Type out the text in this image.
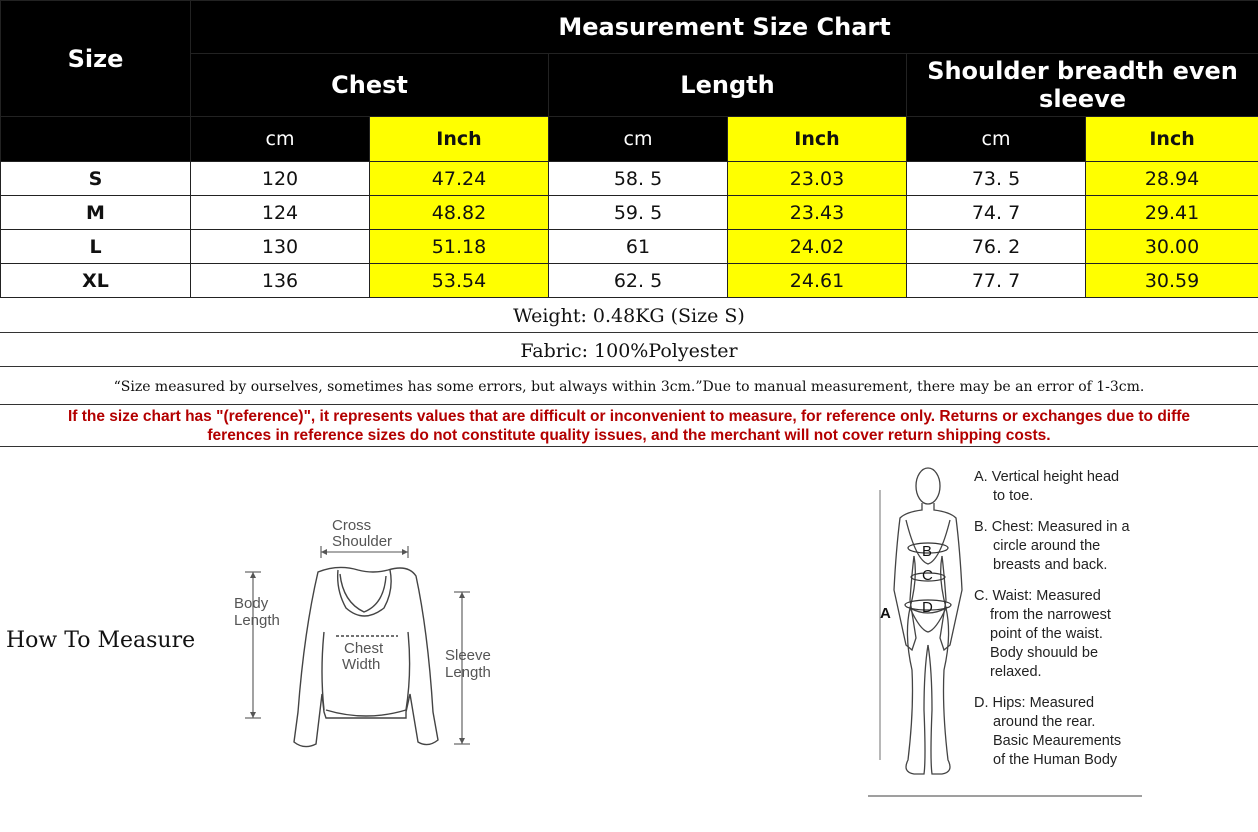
Size	Measurement Size Chart					
	Chest		Length		Shoulder breadth even sleeve	
	cm	Inch	cm	Inch	cm	Inch
S	120	47.24	58. 5	23.03	73. 5	28.94
M	124	48.82	59. 5	23.43	74. 7	29.41
L	130	51.18	61	24.02	76. 2	30.00
XL	136	53.54	62. 5	24.61	77. 7	30.59
Weight: 0.48KG (Size S)
Fabric: 100%Polyester
“Size measured by ourselves, sometimes has some errors, but always within 3cm.”Due to manual measurement, there may be an error of 1-3cm.
If the size chart has "(reference)", it represents values that are difficult or inconvenient to measure, for reference only. Returns or exchanges due to diffe
ferences in reference sizes do not constitute quality issues, and the merchant will not cover return shipping costs.
How To Measure
Cross
Shoulder
Body
Length
Chest
Width
Sleeve
Length
B
C
D
A
A. Vertical height head
to toe.
B. Chest: Measured in a
circle around the
breasts and back.
C. Waist: Measured
from the narrowest
point of the waist.
Body shouuld be
relaxed.
D. Hips: Measured
around the rear.
Basic Meaurements
of the Human Body
